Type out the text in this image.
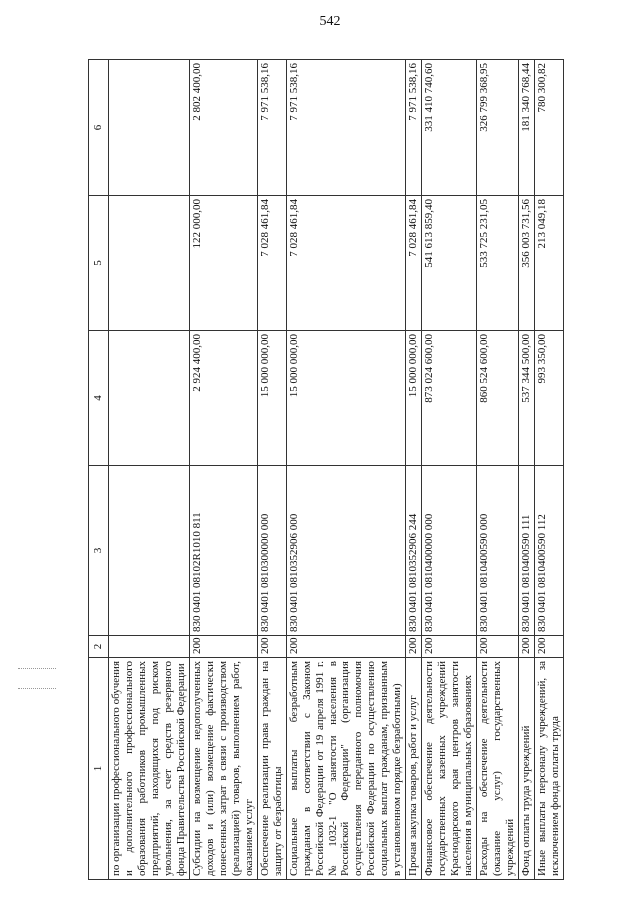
542
1	2	3	4	5	6
по организации профессионального обучения и дополнительного профессионального образования работников промышленных предприятий, находящихся под риском увольнения, за счет средств резервного фонда Правительства Российской Федерации					
Субсидии на возмещение недополученных доходов и (или) возмещение фактически понесенных затрат в связи с производством (реализацией) товаров, выполнением работ, оказанием услуг	200	830 0401 08102R1010 811	2 924 400,00	122 000,00	2 802 400,00
Обеспечение реализации права граждан на защиту от безработицы	200	830 0401 0810300000 000	15 000 000,00	7 028 461,84	7 971 538,16
Социальные выплаты безработным гражданам в соответствии с Законом Российской Федерации от 19 апреля 1991 г. № 1032-1 "О занятости населения в Российской Федерации" (организация осуществления переданного полномочия Российской Федерации по осуществлению социальных выплат гражданам, признанным в установленном порядке безработными)	200	830 0401 0810352906 000	15 000 000,00	7 028 461,84	7 971 538,16
Прочая закупка товаров, работ и услуг	200	830 0401 0810352906 244	15 000 000,00	7 028 461,84	7 971 538,16
Финансовое обеспечение деятельности государственных казенных учреждений Краснодарского края центров занятости населения в муниципальных образованиях	200	830 0401 0810400000 000	873 024 600,00	541 613 859,40	331 410 740,60
Расходы на обеспечение деятельности (оказание услуг) государственных учреждений	200	830 0401 0810400590 000	860 524 600,00	533 725 231,05	326 799 368,95
Фонд оплаты труда учреждений	200	830 0401 0810400590 111	537 344 500,00	356 003 731,56	181 340 768,44
Иные выплаты персоналу учреждений, за исключением фонда оплаты труда	200	830 0401 0810400590 112	993 350,00	213 049,18	780 300,82
